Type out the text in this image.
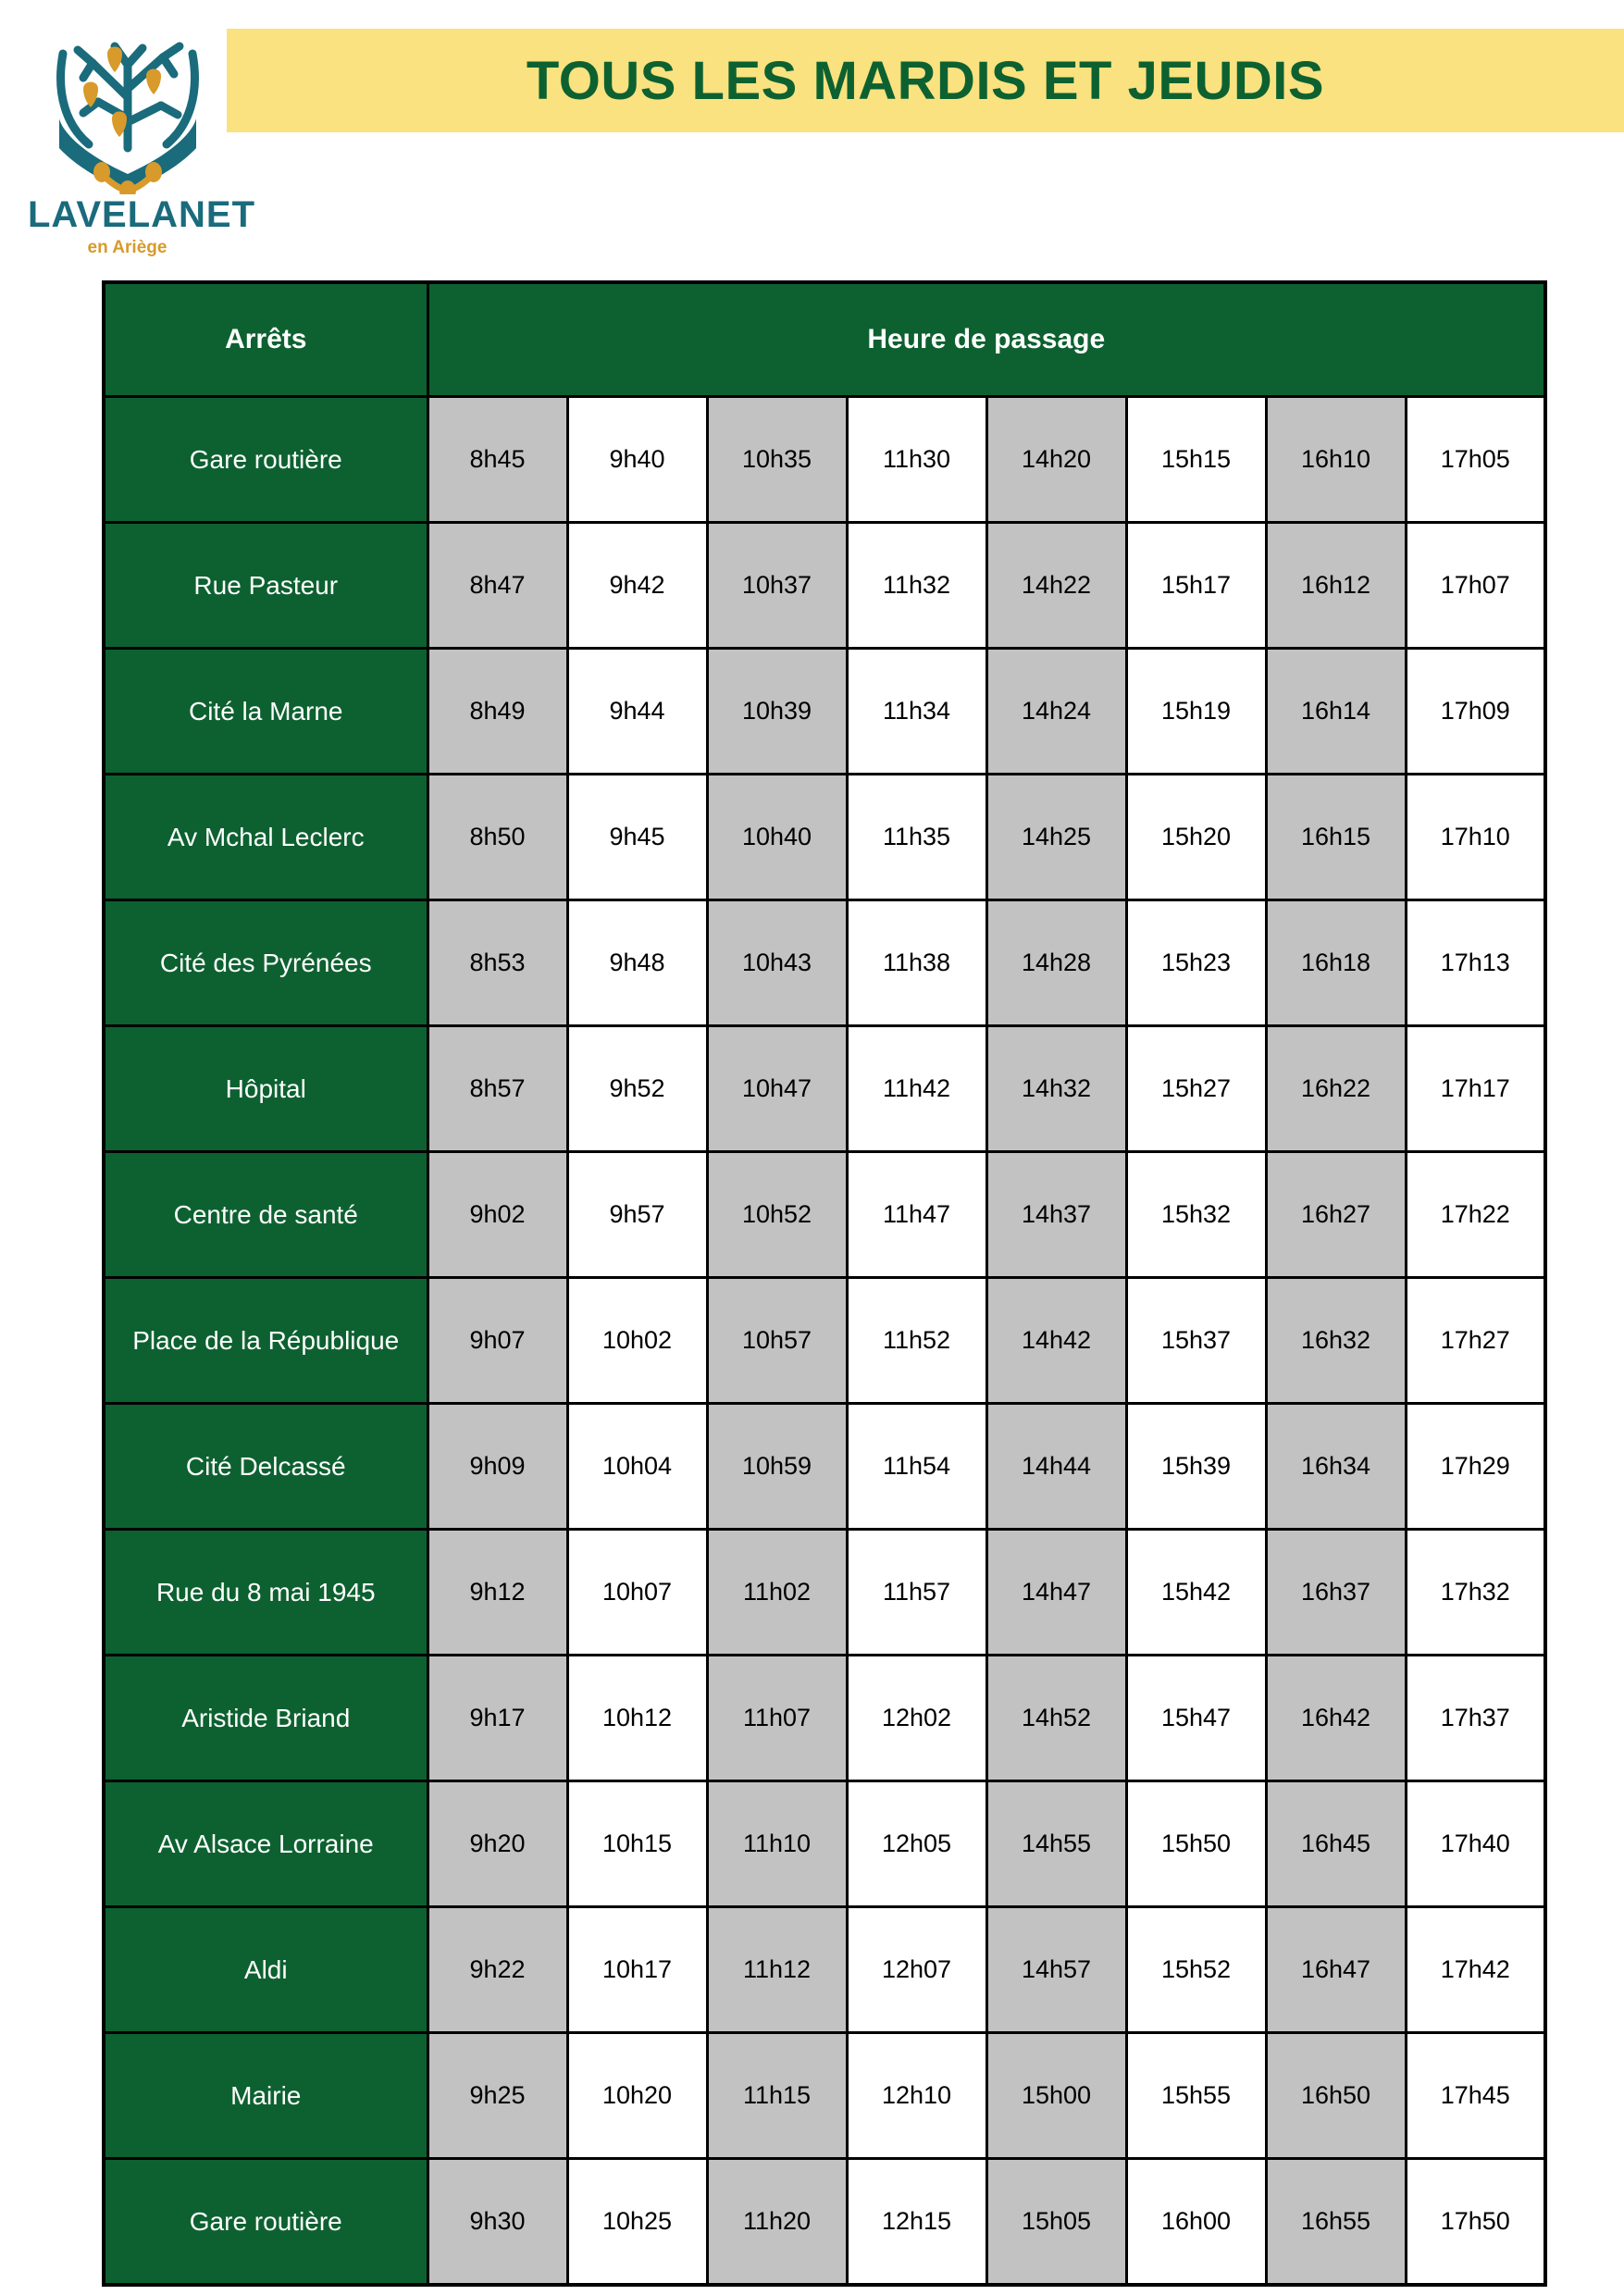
LAVELANET
en Ariège
TOUS LES MARDIS ET JEUDIS
Arrêts	Heure de passage							
Gare routière	8h45	9h40	10h35	11h30	14h20	15h15	16h10	17h05
Rue Pasteur	8h47	9h42	10h37	11h32	14h22	15h17	16h12	17h07
Cité la Marne	8h49	9h44	10h39	11h34	14h24	15h19	16h14	17h09
Av Mchal Leclerc	8h50	9h45	10h40	11h35	14h25	15h20	16h15	17h10
Cité des Pyrénées	8h53	9h48	10h43	11h38	14h28	15h23	16h18	17h13
Hôpital	8h57	9h52	10h47	11h42	14h32	15h27	16h22	17h17
Centre de santé	9h02	9h57	10h52	11h47	14h37	15h32	16h27	17h22
Place de la République	9h07	10h02	10h57	11h52	14h42	15h37	16h32	17h27
Cité Delcassé	9h09	10h04	10h59	11h54	14h44	15h39	16h34	17h29
Rue du 8 mai 1945	9h12	10h07	11h02	11h57	14h47	15h42	16h37	17h32
Aristide Briand	9h17	10h12	11h07	12h02	14h52	15h47	16h42	17h37
Av Alsace Lorraine	9h20	10h15	11h10	12h05	14h55	15h50	16h45	17h40
Aldi	9h22	10h17	11h12	12h07	14h57	15h52	16h47	17h42
Mairie	9h25	10h20	11h15	12h10	15h00	15h55	16h50	17h45
Gare routière	9h30	10h25	11h20	12h15	15h05	16h00	16h55	17h50
